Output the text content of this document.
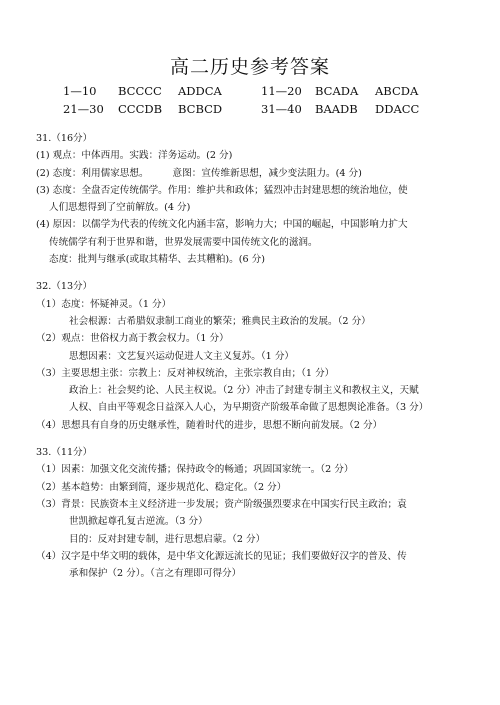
高二历史参考答案
1—10	BCCCC	ADDCA	11—20	BCADA	ABCDA
21—30	CCCDB	BCBCD	31—40	BAADB	DDACC
31.（16分）
(1) 观点：中体西用。实践：洋务运动。(2 分)
(2) 态度：利用儒家思想。　　　意图：宣传维新思想，减少变法阻力。(4 分)
(3) 态度：全盘否定传统儒学。作用：维护共和政体；猛烈冲击封建思想的统治地位，使
人们思想得到了空前解放。(4 分)
(4) 原因：以儒学为代表的传统文化内涵丰富，影响力大；中国的崛起，中国影响力扩大
传统儒学有利于世界和谐，世界发展需要中国传统文化的滋润。
态度：批判与继承(或取其精华、去其糟粕)。(6 分)
32.（13分）
（1）态度：怀疑神灵。（1 分）
社会根源：古希腊奴隶制工商业的繁荣；雅典民主政治的发展。（2 分）
（2）观点：世俗权力高于教会权力。（1 分）
思想因素：文艺复兴运动促进人文主义复苏。（1 分）
（3）主要思想主张：宗教上：反对神权统治，主张宗教自由；（1 分）
政治上：社会契约论、人民主权说。（2 分）冲击了封建专制主义和教权主义，天赋
人权、自由平等观念日益深入人心，为早期资产阶级革命做了思想舆论准备。（3 分）
（4）思想具有自身的历史继承性，随着时代的进步，思想不断向前发展。（2 分）
33.（11分）
（1）因素：加强文化交流传播；保持政令的畅通；巩固国家统一。（2 分）
（2）基本趋势：由繁到简，逐步规范化、稳定化。（2 分）
（3）背景：民族资本主义经济进一步发展；资产阶级强烈要求在中国实行民主政治；袁
世凯掀起尊孔复古逆流。（3 分）
目的：反对封建专制，进行思想启蒙。（2 分）
（4）汉字是中华文明的载体，是中华文化源远流长的见证；我们要做好汉字的普及、传
承和保护（2 分）。（言之有理即可得分）
